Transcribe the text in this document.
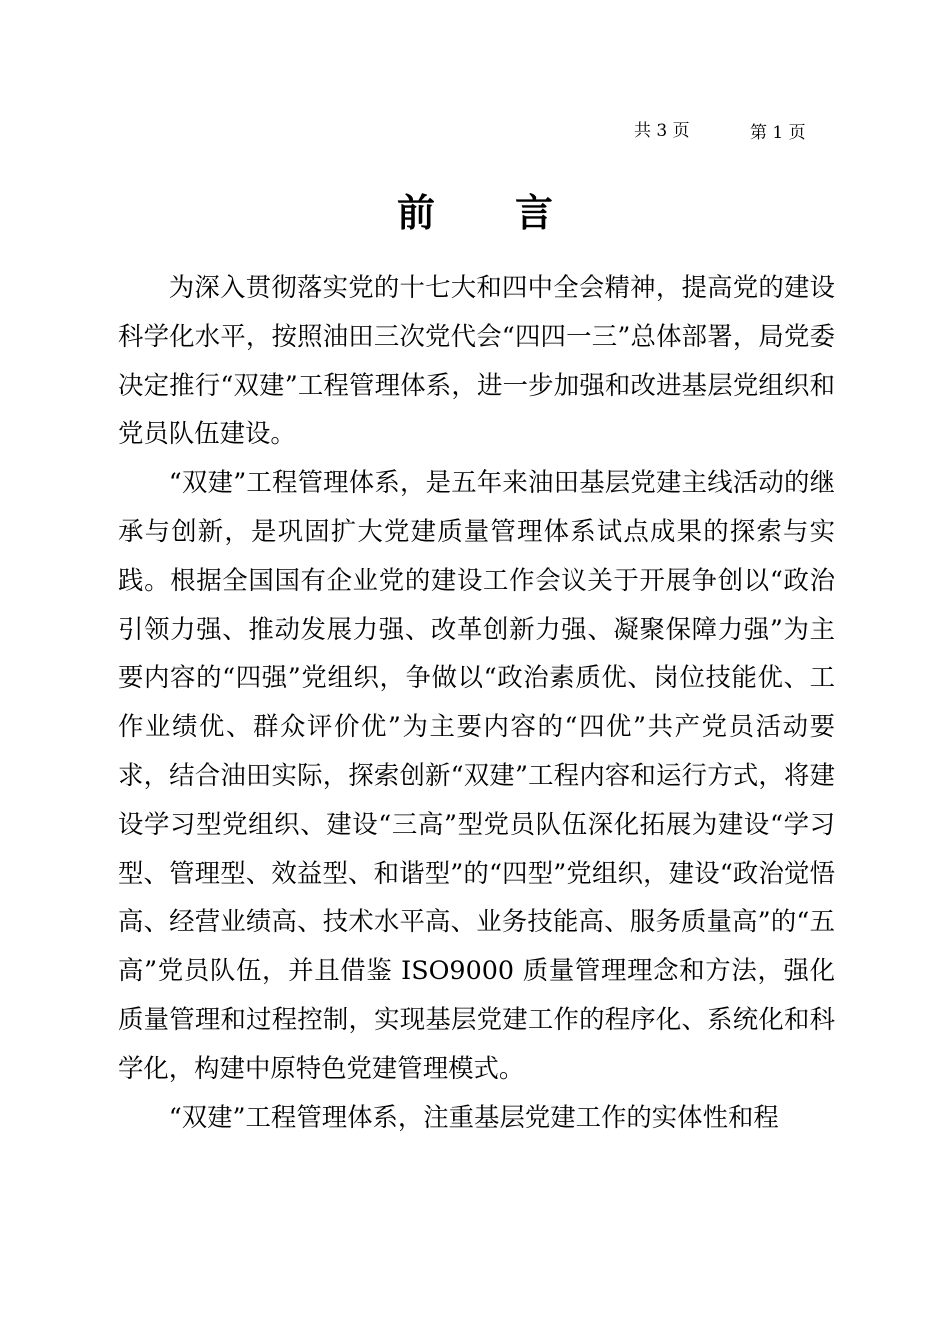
共 3 页	第 1 页
前言

为深入贯彻落实党的十七大和四中全会精神，提高党的建设科学化水平，按照油田三次党代会“四四一三”总体部署，局党委决定推行“双建”工程管理体系，进一步加强和改进基层党组织和党员队伍建设。

“双建”工程管理体系，是五年来油田基层党建主线活动的继承与创新，是巩固扩大党建质量管理体系试点成果的探索与实践。根据全国国有企业党的建设工作会议关于开展争创以“政治引领力强、推动发展力强、改革创新力强、凝聚保障力强”为主要内容的“四强”党组织，争做以“政治素质优、岗位技能优、工作业绩优、群众评价优”为主要内容的“四优”共产党员活动要求，结合油田实际，探索创新“双建”工程内容和运行方式，将建设学习型党组织、建设“三高”型党员队伍深化拓展为建设“学习型、管理型、效益型、和谐型”的“四型”党组织，建设“政治觉悟高、经营业绩高、技术水平高、业务技能高、服务质量高”的“五高”党员队伍，并且借鉴 ISO9000 质量管理理念和方法，强化质量管理和过程控制，实现基层党建工作的程序化、系统化和科学化，构建中原特色党建管理模式。

“双建”工程管理体系，注重基层党建工作的实体性和程
